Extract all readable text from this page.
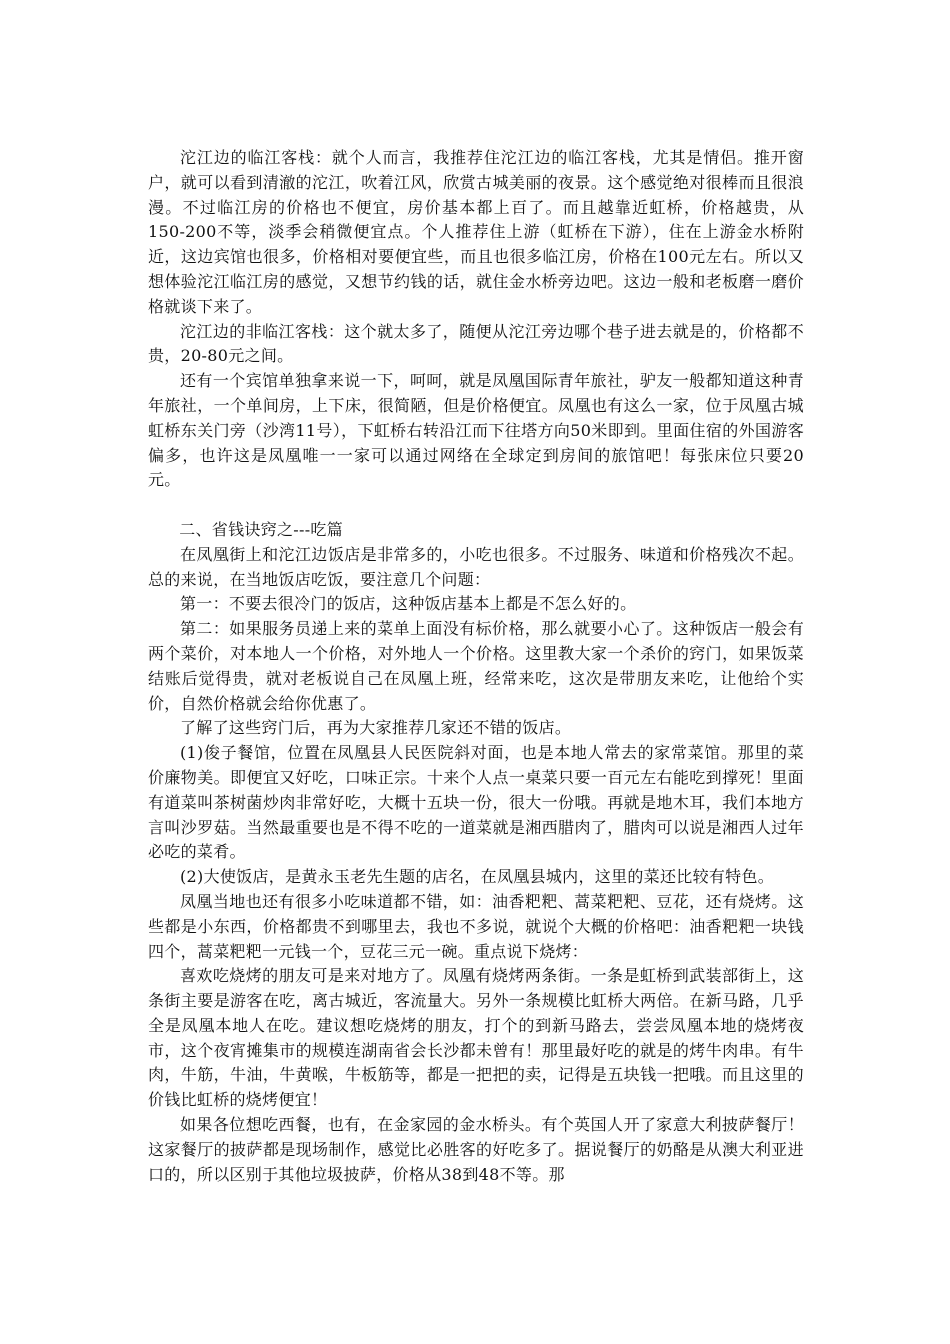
沱江边的临江客栈：就个人而言，我推荐住沱江边的临江客栈，尤其是情侣。推开窗户，就可以看到清澈的沱江，吹着江风，欣赏古城美丽的夜景。这个感觉绝对很棒而且很浪漫。不过临江房的价格也不便宜，房价基本都上百了。而且越靠近虹桥，价格越贵，从150-200不等，淡季会稍微便宜点。个人推荐住上游（虹桥在下游），住在上游金水桥附近，这边宾馆也很多，价格相对要便宜些，而且也很多临江房，价格在100元左右。所以又想体验沱江临江房的感觉，又想节约钱的话，就住金水桥旁边吧。这边一般和老板磨一磨价格就谈下来了。

沱江边的非临江客栈：这个就太多了，随便从沱江旁边哪个巷子进去就是的，价格都不贵，20-80元之间。

还有一个宾馆单独拿来说一下，呵呵，就是凤凰国际青年旅社，驴友一般都知道这种青年旅社，一个单间房，上下床，很简陋，但是价格便宜。凤凰也有这么一家，位于凤凰古城虹桥东关门旁（沙湾11号），下虹桥右转沿江而下往塔方向50米即到。里面住宿的外国游客偏多，也许这是凤凰唯一一家可以通过网络在全球定到房间的旅馆吧！每张床位只要20元。

二、省钱诀窍之---吃篇

在凤凰街上和沱江边饭店是非常多的，小吃也很多。不过服务、味道和价格残次不起。总的来说，在当地饭店吃饭，要注意几个问题：

第一：不要去很冷门的饭店，这种饭店基本上都是不怎么好的。

第二：如果服务员递上来的菜单上面没有标价格，那么就要小心了。这种饭店一般会有两个菜价，对本地人一个价格，对外地人一个价格。这里教大家一个杀价的窍门，如果饭菜结账后觉得贵，就对老板说自己在凤凰上班，经常来吃，这次是带朋友来吃，让他给个实价，自然价格就会给你优惠了。

了解了这些窍门后，再为大家推荐几家还不错的饭店。

(1)俊子餐馆，位置在凤凰县人民医院斜对面，也是本地人常去的家常菜馆。那里的菜价廉物美。即便宜又好吃，口味正宗。十来个人点一桌菜只要一百元左右能吃到撑死！里面有道菜叫茶树菌炒肉非常好吃，大概十五块一份，很大一份哦。再就是地木耳，我们本地方言叫沙罗菇。当然最重要也是不得不吃的一道菜就是湘西腊肉了，腊肉可以说是湘西人过年必吃的菜肴。

(2)大使饭店，是黄永玉老先生题的店名，在凤凰县城内，这里的菜还比较有特色。

凤凰当地也还有很多小吃味道都不错，如：油香粑粑、蒿菜粑粑、豆花，还有烧烤。这些都是小东西，价格都贵不到哪里去，我也不多说，就说个大概的价格吧：油香粑粑一块钱四个，蒿菜粑粑一元钱一个，豆花三元一碗。重点说下烧烤：

喜欢吃烧烤的朋友可是来对地方了。凤凰有烧烤两条街。一条是虹桥到武装部街上，这条街主要是游客在吃，离古城近，客流量大。另外一条规模比虹桥大两倍。在新马路，几乎全是凤凰本地人在吃。建议想吃烧烤的朋友，打个的到新马路去，尝尝凤凰本地的烧烤夜市，这个夜宵摊集市的规模连湖南省会长沙都未曾有！那里最好吃的就是的烤牛肉串。有牛肉，牛筋，牛油，牛黄喉，牛板筋等，都是一把把的卖，记得是五块钱一把哦。而且这里的价钱比虹桥的烧烤便宜！

如果各位想吃西餐，也有，在金家园的金水桥头。有个英国人开了家意大利披萨餐厅！这家餐厅的披萨都是现场制作，感觉比必胜客的好吃多了。据说餐厅的奶酪是从澳大利亚进口的，所以区别于其他垃圾披萨，价格从38到48不等。那
